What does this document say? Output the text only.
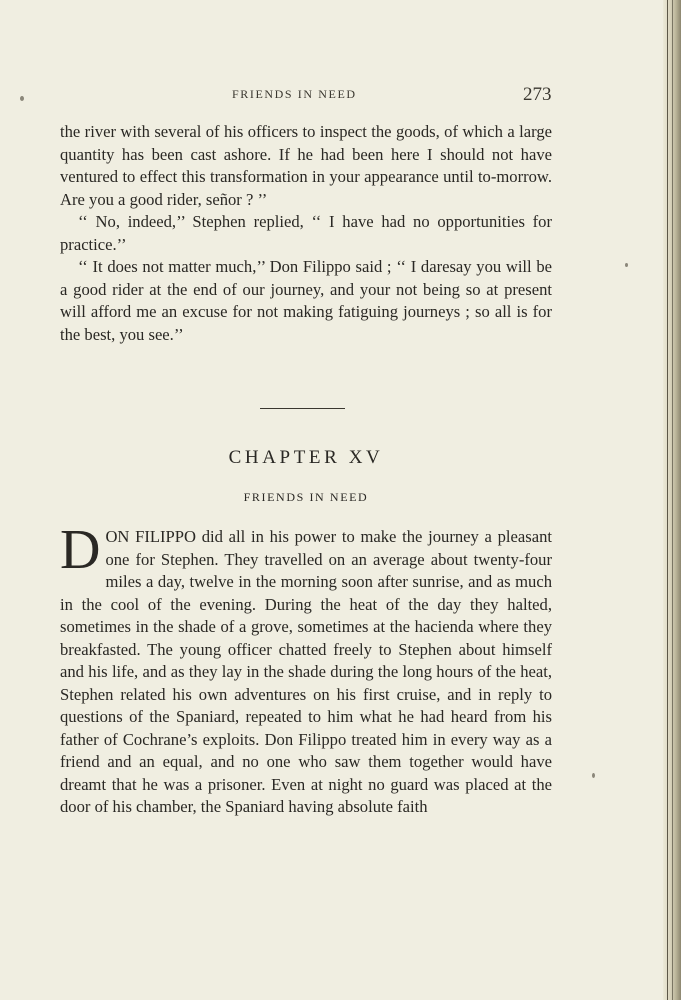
FRIENDS IN NEED	273

the river with several of his officers to inspect the goods, of which a large quantity has been cast ashore. If he had been here I should not have ventured to effect this transformation in your appearance until to-morrow. Are you a good rider, señor ? ’’

‘‘ No, indeed,’’ Stephen replied, ‘‘ I have had no opportunities for practice.’’

‘‘ It does not matter much,’’ Don Filippo said ; ‘‘ I daresay you will be a good rider at the end of our journey, and your not being so at present will afford me an excuse for not making fatiguing journeys ; so all is for the best, you see.’’

CHAPTER XV
FRIENDS IN NEED

DON FILIPPO did all in his power to make the journey a pleasant one for Stephen. They travelled on an average about twenty-four miles a day, twelve in the morning soon after sunrise, and as much in the cool of the evening. During the heat of the day they halted, sometimes in the shade of a grove, sometimes at the hacienda where they breakfasted. The young officer chatted freely to Stephen about himself and his life, and as they lay in the shade during the long hours of the heat, Stephen related his own adventures on his first cruise, and in reply to questions of the Spaniard, repeated to him what he had heard from his father of Cochrane’s exploits. Don Filippo treated him in every way as a friend and an equal, and no one who saw them together would have dreamt that he was a prisoner. Even at night no guard was placed at the door of his chamber, the Spaniard having absolute faith
